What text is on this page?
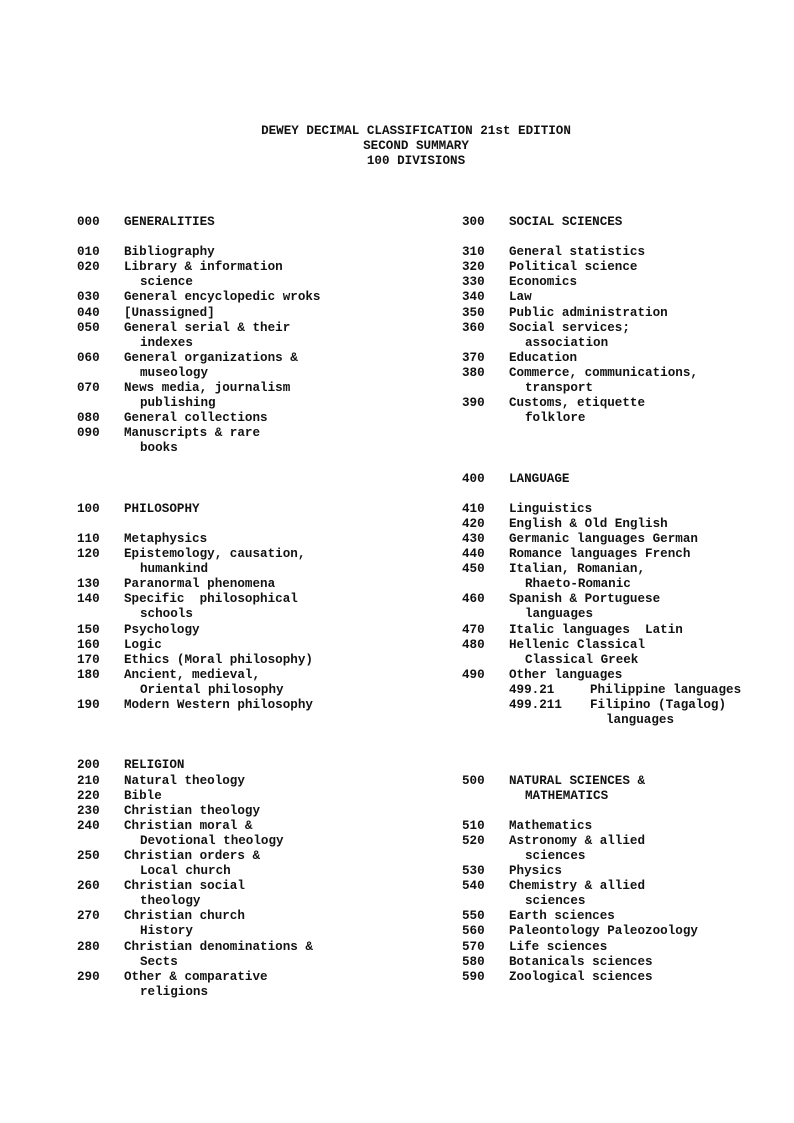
DEWEY DECIMAL CLASSIFICATION 21st EDITION
SECOND SUMMARY
100 DIVISIONS
000 GENERALITIES
010 Bibliography
020 Library & information
science
030 General encyclopedic wroks
040 [Unassigned]
050 General serial & their
indexes
060 General organizations &
museology
070 News media, journalism
publishing
080 General collections
090 Manuscripts & rare
books
100 PHILOSOPHY
110 Metaphysics
120 Epistemology, causation,
humankind
130 Paranormal phenomena
140 Specific  philosophical
schools
150 Psychology
160 Logic
170 Ethics (Moral philosophy)
180 Ancient, medieval,
Oriental philosophy
190 Modern Western philosophy
200 RELIGION
210 Natural theology
220 Bible
230 Christian theology
240 Christian moral &
Devotional theology
250 Christian orders &
Local church
260 Christian social
theology
270 Christian church
History
280 Christian denominations &
Sects
290 Other & comparative
religions
300 SOCIAL SCIENCES
310 General statistics
320 Political science
330 Economics
340 Law
350 Public administration
360 Social services;
association
370 Education
380 Commerce, communications,
transport
390 Customs, etiquette
folklore
400 LANGUAGE
410 Linguistics
420 English & Old English
430 Germanic languages German
440 Romance languages French
450 Italian, Romanian,
Rhaeto-Romanic
460 Spanish & Portuguese
languages
470 Italic languages  Latin
480 Hellenic Classical
Classical Greek
490 Other languages
499.21	Philippine languages
499.211 Filipino (Tagalog)
languages
500 NATURAL SCIENCES &
MATHEMATICS
510 Mathematics
520 Astronomy & allied
sciences
530 Physics
540 Chemistry & allied
sciences
550 Earth sciences
560 Paleontology Paleozoology
570 Life sciences
580 Botanicals sciences
590 Zoological sciences
